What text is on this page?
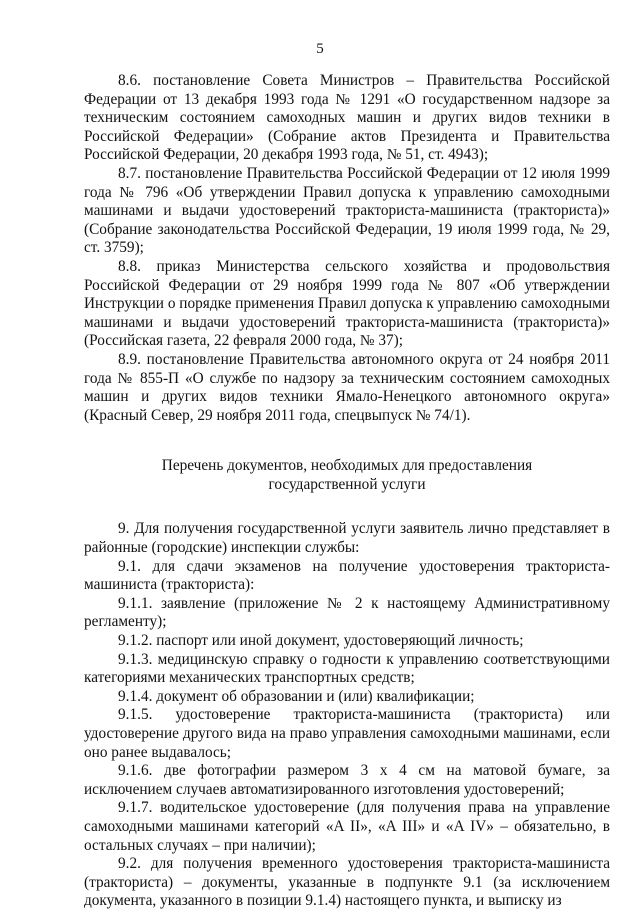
5

8.6. постановление Совета Министров – Правительства Российской Федерации от 13 декабря 1993 года № 1291 «О государственном надзоре за техническим состоянием самоходных машин и других видов техники в Российской Федерации» (Собрание актов Президента и Правительства Российской Федерации, 20 декабря 1993 года, № 51, ст. 4943);

8.7. постановление Правительства Российской Федерации от 12 июля 1999 года № 796 «Об утверждении Правил допуска к управлению самоходными машинами и выдачи удостоверений тракториста-машиниста (тракториста)» (Собрание законодательства Российской Федерации, 19 июля 1999 года, № 29, ст. 3759);

8.8. приказ Министерства сельского хозяйства и продовольствия Российской Федерации от 29 ноября 1999 года № 807 «Об утверждении Инструкции о порядке применения Правил допуска к управлению самоходными машинами и выдачи удостоверений тракториста-машиниста (тракториста)» (Российская газета, 22 февраля 2000 года, № 37);

8.9. постановление Правительства автономного округа от 24 ноября 2011 года № 855-П «О службе по надзору за техническим состоянием самоходных машин и других видов техники Ямало-Ненецкого автономного округа» (Красный Север, 29 ноября 2011 года, спецвыпуск № 74/1).

Перечень документов, необходимых для предоставления
государственной услуги

9. Для получения государственной услуги заявитель лично представляет в районные (городские) инспекции службы:

9.1. для сдачи экзаменов на получение удостоверения тракториста-машиниста (тракториста):

9.1.1. заявление (приложение № 2 к настоящему Административному регламенту);

9.1.2. паспорт или иной документ, удостоверяющий личность;

9.1.3. медицинскую справку о годности к управлению соответствующими категориями механических транспортных средств;

9.1.4. документ об образовании и (или) квалификации;

9.1.5. удостоверение тракториста-машиниста (тракториста) или удостоверение другого вида на право управления самоходными машинами, если оно ранее выдавалось;

9.1.6. две фотографии размером 3 x 4 см на матовой бумаге, за исключением случаев автоматизированного изготовления удостоверений;

9.1.7. водительское удостоверение (для получения права на управление самоходными машинами категорий «A II», «A III» и «A IV» – обязательно, в остальных случаях – при наличии);

9.2. для получения временного удостоверения тракториста-машиниста (тракториста) – документы, указанные в подпункте 9.1 (за исключением документа, указанного в позиции 9.1.4) настоящего пункта, и выписку из
